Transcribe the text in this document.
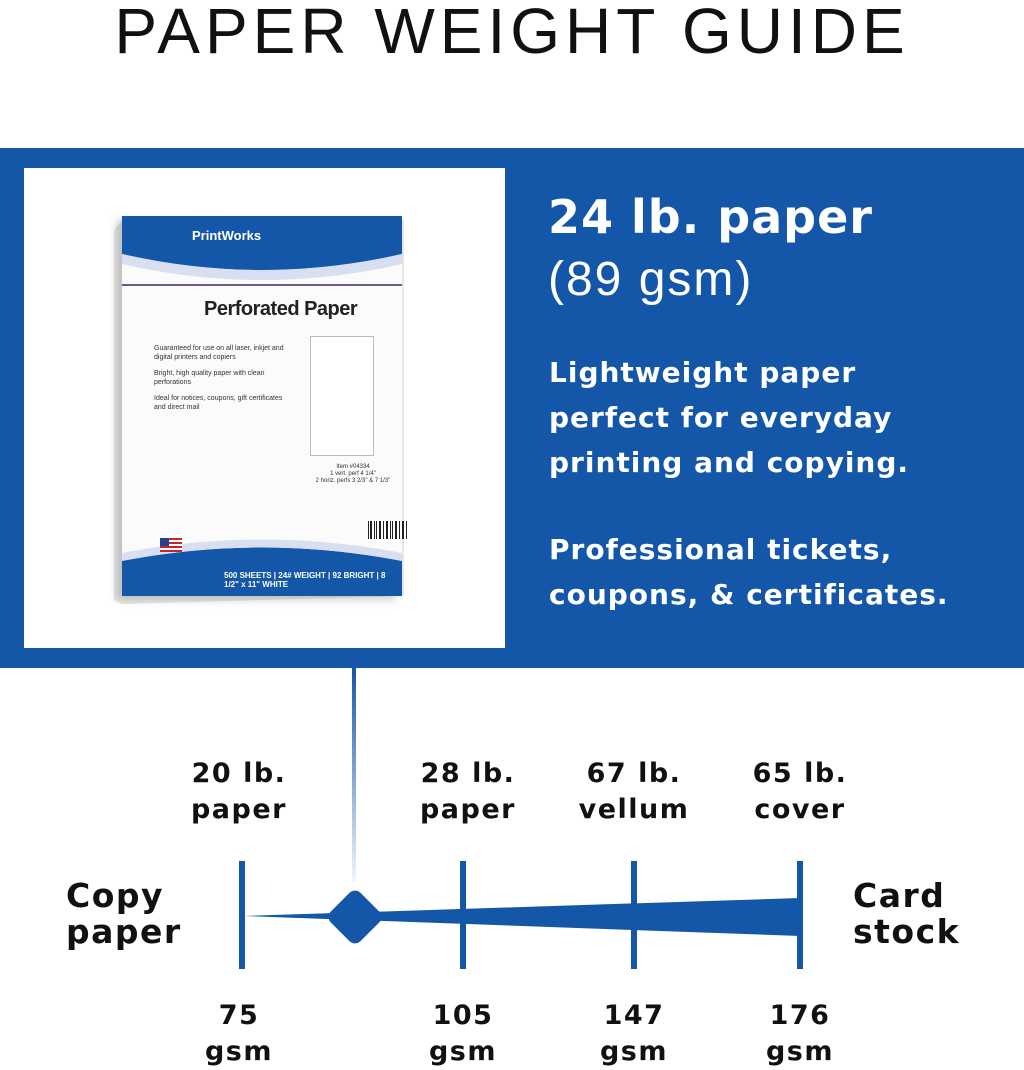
PAPER WEIGHT GUIDE
PrintWorks
Perforated Paper
Guaranteed for use on all laser, inkjet and digital printers and copiers
Bright, high quality paper with clean perforations
Ideal for notices, coupons, gift certificates and direct mail
Item #04334
1 vert. perf 4 1/4"
2 horiz. perfs 3 2/3" & 7 1/3"
500 SHEETS | 24# WEIGHT | 92 BRIGHT | 8 1/2" x 11" WHITE
24 lb. paper
(89 gsm)
Lightweight paper
perfect for everyday
printing and copying.
Professional tickets,
coupons, & certificates.
Copy
paper
Card
stock
20 lb.
paper
28 lb.
paper
67 lb.
vellum
65 lb.
cover
75
gsm
105
gsm
147
gsm
176
gsm
